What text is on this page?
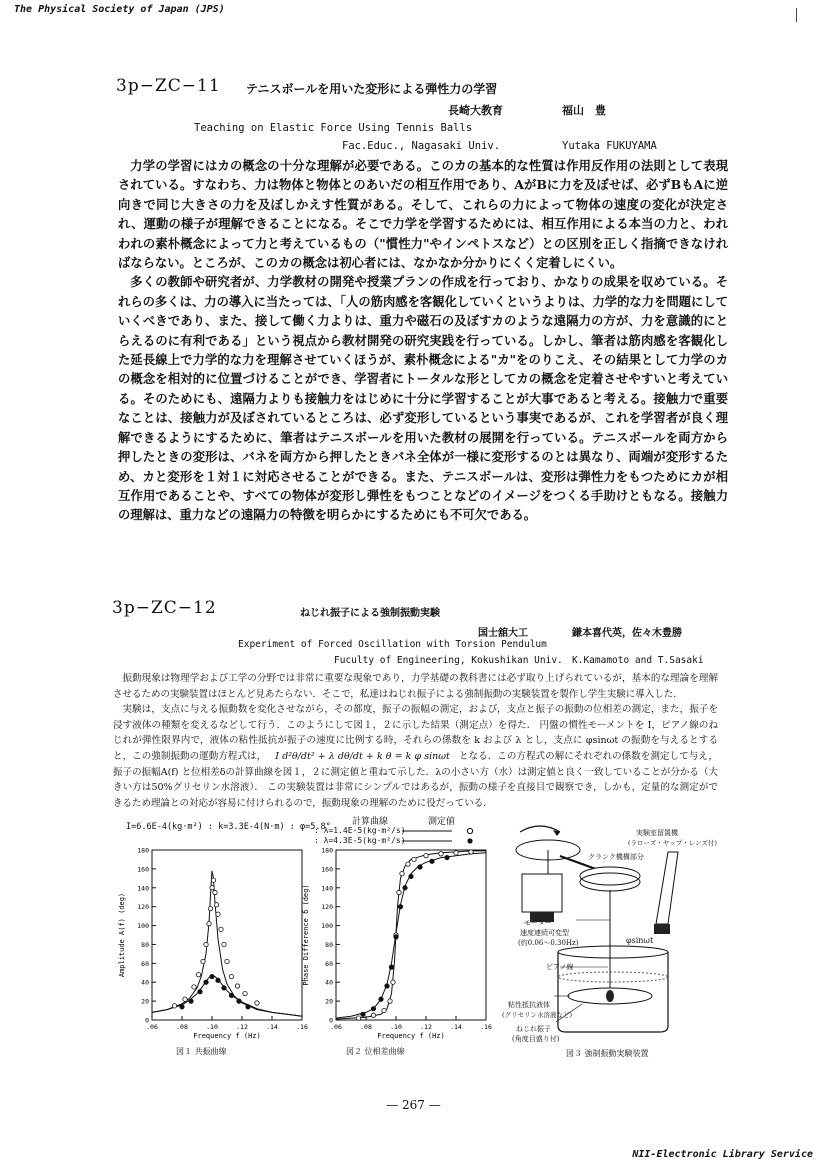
The Physical Society of Japan (JPS)
3p−ZC−11 テニスボールを用いた変形による弾性力の学習
長崎大教育	福山　豊
Teaching on Elastic Force Using Tennis Balls
Fac.Educ., Nagasaki Univ.	Yutaka FUKUYAMA

力学の学習にはカの概念の十分な理解が必要である。このカの基本的な性質は作用反作用の法則として表現されている。すなわち、力は物体と物体とのあいだの相互作用であり、AがBに力を及ぼせば、必ずBもAに逆向きで同じ大きさの力を及ぼしかえす性質がある。そして、これらの力によって物体の速度の変化が決定され、運動の様子が理解できることになる。そこで力学を学習するためには、相互作用による本当の力と、われわれの素朴概念によって力と考えているもの（"慣性力"やインペトスなど）との区別を正しく指摘できなければならない。ところが、このカの概念は初心者には、なかなか分かりにくく定着しにくい。

多くの教師や研究者が、力学教材の開発や授業プランの作成を行っており、かなりの成果を収めている。それらの多くは、力の導入に当たっては、「人の筋肉感を客観化していくというよりは、力学的な力を問題にしていくべきであり、また、接して働く力よりは、重力や磁石の及ぼすカのような遠隔力の方が、力を意識的にとらえるのに有利である」という視点から教材開発の研究実践を行っている。しかし、筆者は筋肉感を客観化した延長線上で力学的な力を理解させていくほうが、素朴概念による"カ"をのりこえ、その結果として力学のカの概念を相対的に位置づけることができ、学習者にトータルな形としてカの概念を定着させやすいと考えている。そのためにも、遠隔力よりも接触力をはじめに十分に学習することが大事であると考える。接触力で重要なことは、接触力が及ぼされているところは、必ず変形しているという事実であるが、これを学習者が良く理解できるようにするために、筆者はテニスボールを用いた教材の展開を行っている。テニスボールを両方から押したときの変形は、バネを両方から押したときバネ全体が一様に変形するのとは異なり、両端が変形するため、カと変形を１対１に対応させることができる。また、テニスボールは、変形は弾性力をもつためにカが相互作用であることや、すべての物体が変形し弾性をもつことなどのイメージをつくる手助けともなる。接触力の理解は、重力などの遠隔力の特徴を明らかにするためにも不可欠である。

3p−ZC−12	ねじれ振子による強制振動実験
国士舘大工	鎌本喜代英，佐々木豊勝
Experiment of Forced Oscillation with Torsion Pendulum
Fuculty of Engineering, Kokushikan Univ. K.Kamamoto and T.Sasaki

振動現象は物理学および工学の分野では非常に重要な現象であり，力学基礎の教科書には必ず取り上げられているが，基本的な理論を理解させるための実験装置はほとんど見あたらない．そこで，私達はねじれ振子による強制振動の実験装置を製作し学生実験に導入した．

実験は，支点に与える振動数を変化させながら，その都度，振子の振幅の測定，および，支点と振子の振動の位相差の測定，また，振子を浸す液体の種類を変えるなどして行う．このようにして図１，２に示した結果（測定点）を得た． 円盤の慣性モーメントを I，ピアノ線のねじれが弾性限界内で，液体の粘性抵抗が振子の速度に比例する時，それらの係数を k および λ とし，支点に φsinωt の振動を与えるとすると，この強制振動の運動方程式は， I d²θ/dt² + λ dθ/dt + k θ = k φ sinωt となる．この方程式の解にそれぞれの係数を測定して与え，振子の振幅A(f) と位相差δの計算曲線を図１，２に測定値と重ねて示した．λの小さい方（水）は測定値と良く一致していることが分かる（大きい方は50%グリセリン水溶液）． この実験装置は非常にシンプルではあるが，振動の様子を直接目で観察でき，しかも，定量的な測定ができるため理論との対応が容易に付けられるので，振動現象の理解のために役だっている．

I=6.6E-4(kg·m²) : k=3.3E-4(N·m) : φ=5.8° 計算曲線	測定値
: λ=1.4E-5(kg·m²/s)
: λ=4.3E-5(kg·m²/s)
0
20
40
60
80
100
120
140
160
180
.06	.08	.10	.12	.14	.16
Frequency f (Hz)
Amplitude A(f) (deg)
図１ 共振曲線
0
20
40
60
80
100
120
140
160
180
.06	.08	.10	.12	.14	.16
Frequency f (Hz)
Phase Difference δ (deg)
図２ 位相差曲線
実験室留置機
(ラローズ・ヤップ・レンズ付)
クランク機構部分
モーター
速度連続可変型
(約0.06〜0.30Hz)	φsinωt
ピアノ線
粘性抵抗液体
(グリセリン水溶液など)
ねじれ振子
(角度目盛り付)
図３ 強制振動実験装置
— 267 —
NII-Electronic Library Service
